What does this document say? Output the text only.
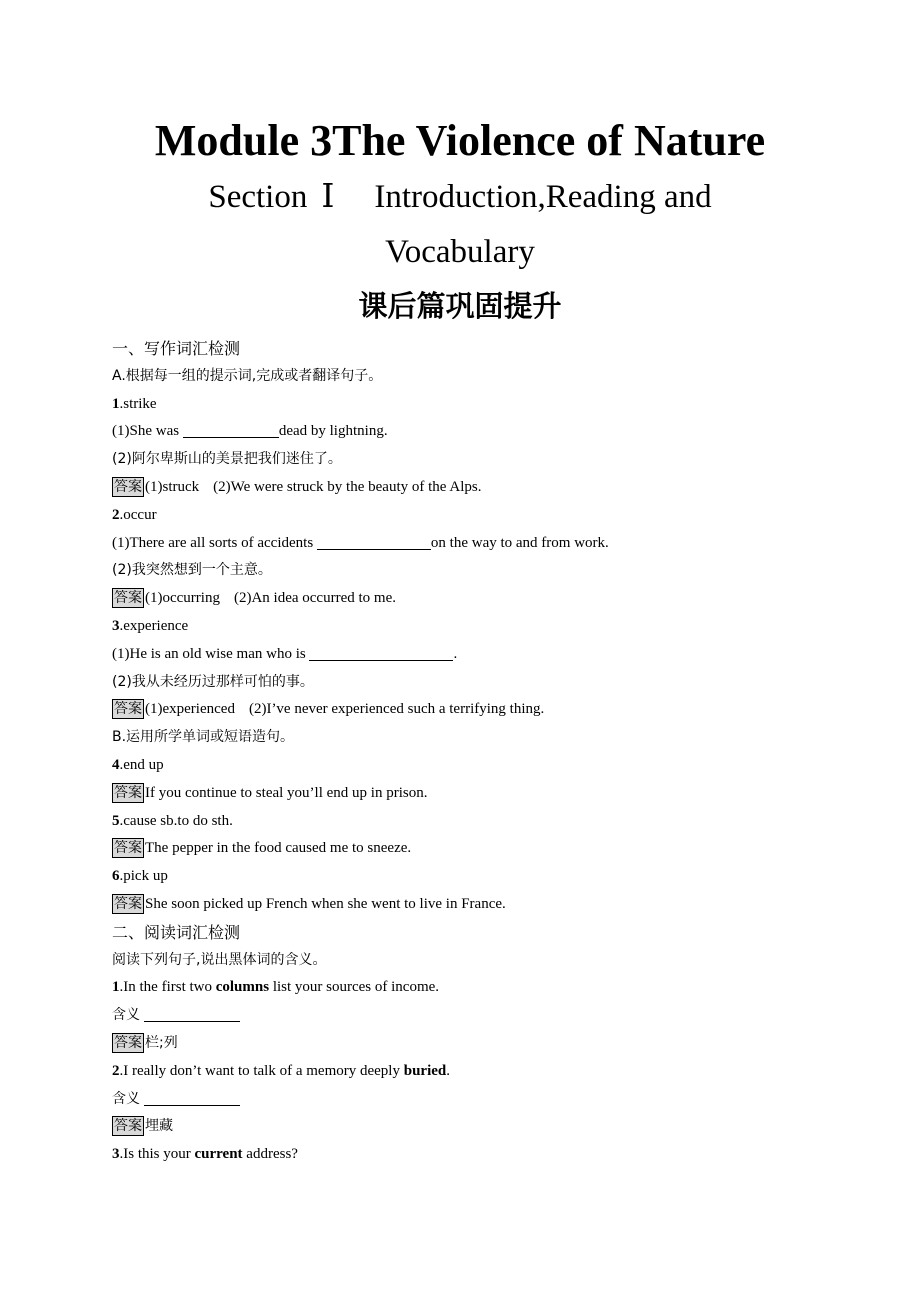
Module 3The Violence of Nature
Section Ⅰ Introduction,Reading and
Vocabulary
课后篇巩固提升
一、写作词汇检测
A.根据每一组的提示词,完成或者翻译句子。
1.strike
(1)She was	dead by lightning.
(2)阿尔卑斯山的美景把我们迷住了。
答案 (1)struck (2)We were struck by the beauty of the Alps.
2.occur
(1)There are all sorts of accidents	on the way to and from work.
(2)我突然想到一个主意。
答案 (1)occurring (2)An idea occurred to me.
3.experience
(1)He is an old wise man who is	.
(2)我从未经历过那样可怕的事。
答案 (1)experienced (2)I’ve never experienced such a terrifying thing.
B.运用所学单词或短语造句。
4.end up
答案 If you continue to steal you’ll end up in prison.
5.cause sb.to do sth.
答案 The pepper in the food caused me to sneeze.
6.pick up
答案 She soon picked up French when she went to live in France.
二、阅读词汇检测
阅读下列句子,说出黑体词的含义。
1.In the first two columns list your sources of income.
含义
答案 栏;列
2.I really don’t want to talk of a memory deeply buried.
含义
答案 埋藏
3.Is this your current address?
